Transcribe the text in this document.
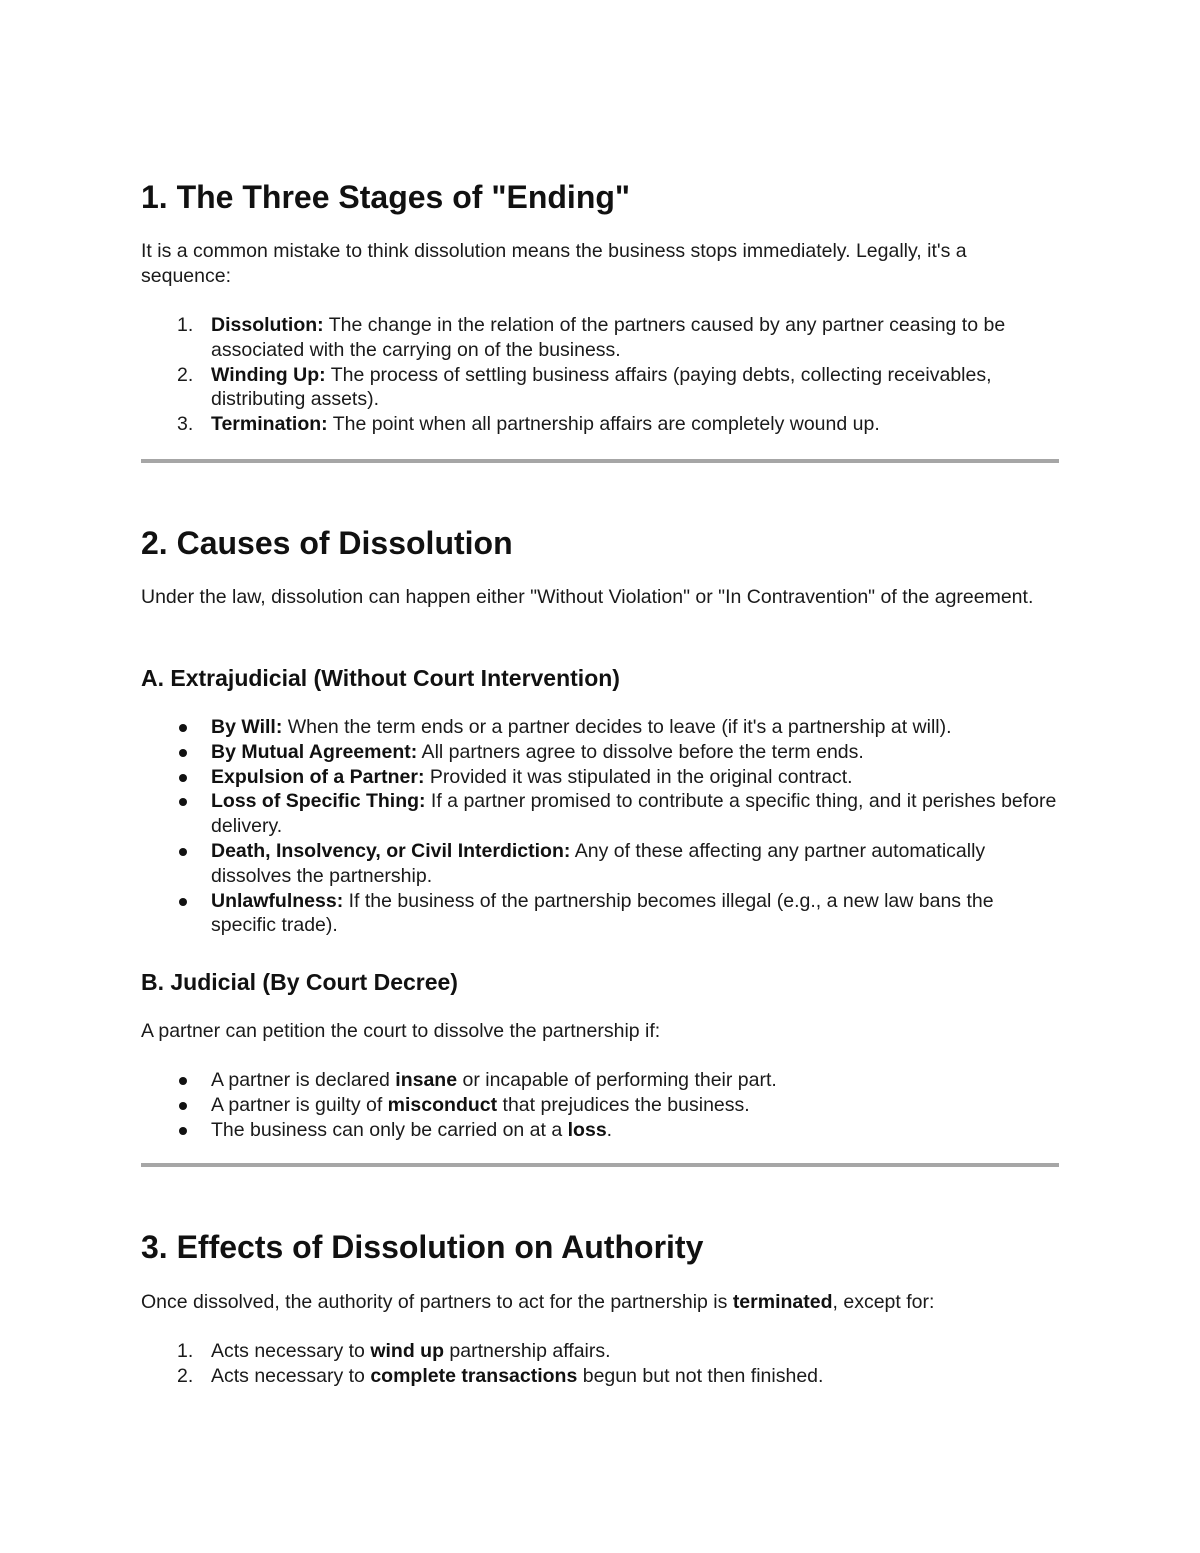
1. The Three Stages of "Ending"

It is a common mistake to think dissolution means the business stops immediately. Legally, it's a sequence:

1. Dissolution: The change in the relation of the partners caused by any partner ceasing to be associated with the carrying on of the business.
2. Winding Up: The process of settling business affairs (paying debts, collecting receivables, distributing assets).
3. Termination: The point when all partnership affairs are completely wound up.
2. Causes of Dissolution

Under the law, dissolution can happen either "Without Violation" or "In Contravention" of the agreement.

A. Extrajudicial (Without Court Intervention)
By Will: When the term ends or a partner decides to leave (if it's a partnership at will).
By Mutual Agreement: All partners agree to dissolve before the term ends.
Expulsion of a Partner: Provided it was stipulated in the original contract.
Loss of Specific Thing: If a partner promised to contribute a specific thing, and it perishes before delivery.
Death, Insolvency, or Civil Interdiction: Any of these affecting any partner automatically dissolves the partnership.
Unlawfulness: If the business of the partnership becomes illegal (e.g., a new law bans the specific trade).
B. Judicial (By Court Decree)

A partner can petition the court to dissolve the partnership if:

A partner is declared insane or incapable of performing their part.
A partner is guilty of misconduct that prejudices the business.
The business can only be carried on at a loss.
3. Effects of Dissolution on Authority

Once dissolved, the authority of partners to act for the partnership is terminated, except for:

1. Acts necessary to wind up partnership affairs.
2. Acts necessary to complete transactions begun but not then finished.
